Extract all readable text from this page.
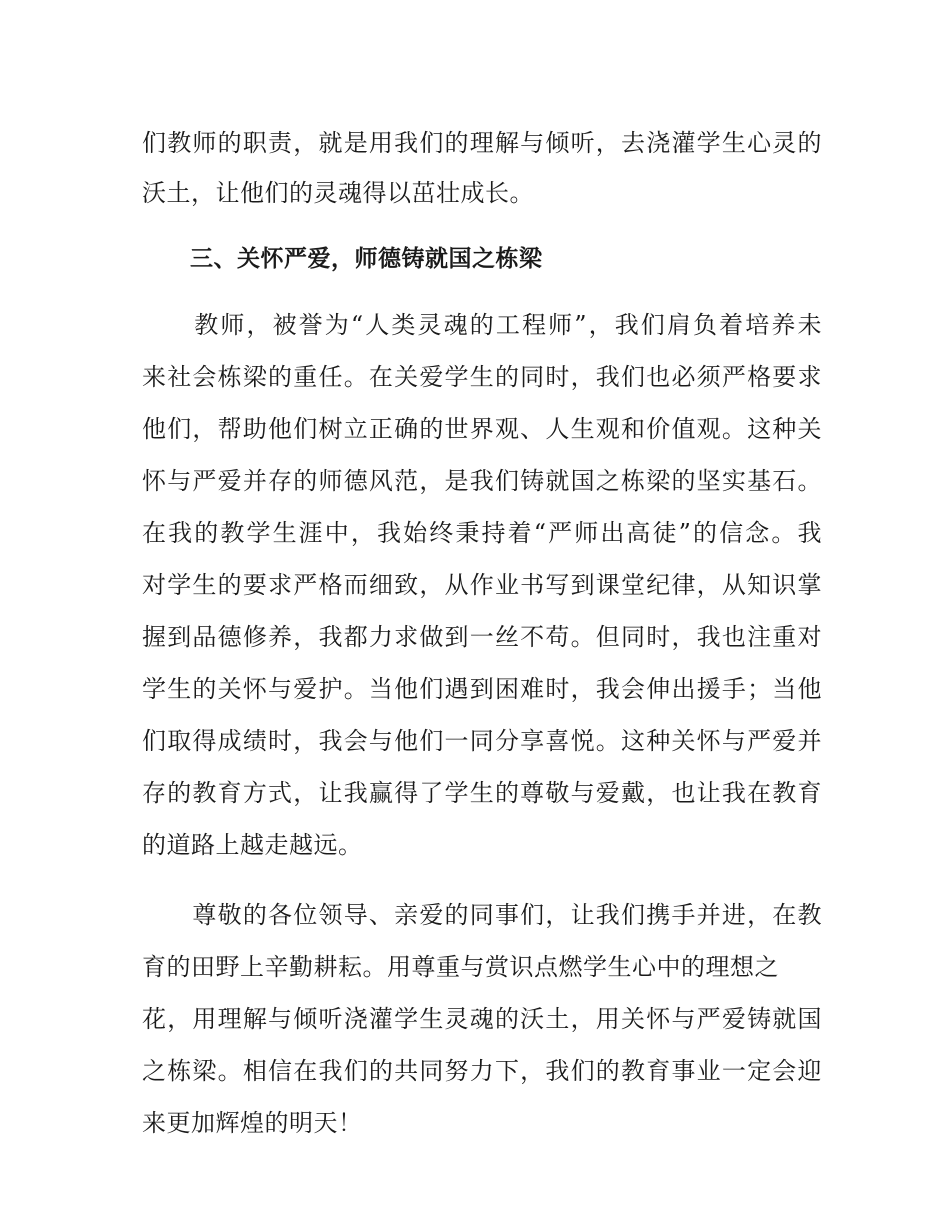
们教师的职责，就是用我们的理解与倾听，去浇灌学生心灵的
沃土，让他们的灵魂得以茁壮成长。
三、关怀严爱，师德铸就国之栋梁
　　教师，被誉为“人类灵魂的工程师”，我们肩负着培养未
来社会栋梁的重任。在关爱学生的同时，我们也必须严格要求
他们，帮助他们树立正确的世界观、人生观和价值观。这种关
怀与严爱并存的师德风范，是我们铸就国之栋梁的坚实基石。
在我的教学生涯中，我始终秉持着“严师出高徒”的信念。我
对学生的要求严格而细致，从作业书写到课堂纪律，从知识掌
握到品德修养，我都力求做到一丝不苟。但同时，我也注重对
学生的关怀与爱护。当他们遇到困难时，我会伸出援手；当他
们取得成绩时，我会与他们一同分享喜悦。这种关怀与严爱并
存的教育方式，让我赢得了学生的尊敬与爱戴，也让我在教育
的道路上越走越远。
　　尊敬的各位领导、亲爱的同事们，让我们携手并进，在教
育的田野上辛勤耕耘。用尊重与赏识点燃学生心中的理想之
花，用理解与倾听浇灌学生灵魂的沃土，用关怀与严爱铸就国
之栋梁。相信在我们的共同努力下，我们的教育事业一定会迎
来更加辉煌的明天！
